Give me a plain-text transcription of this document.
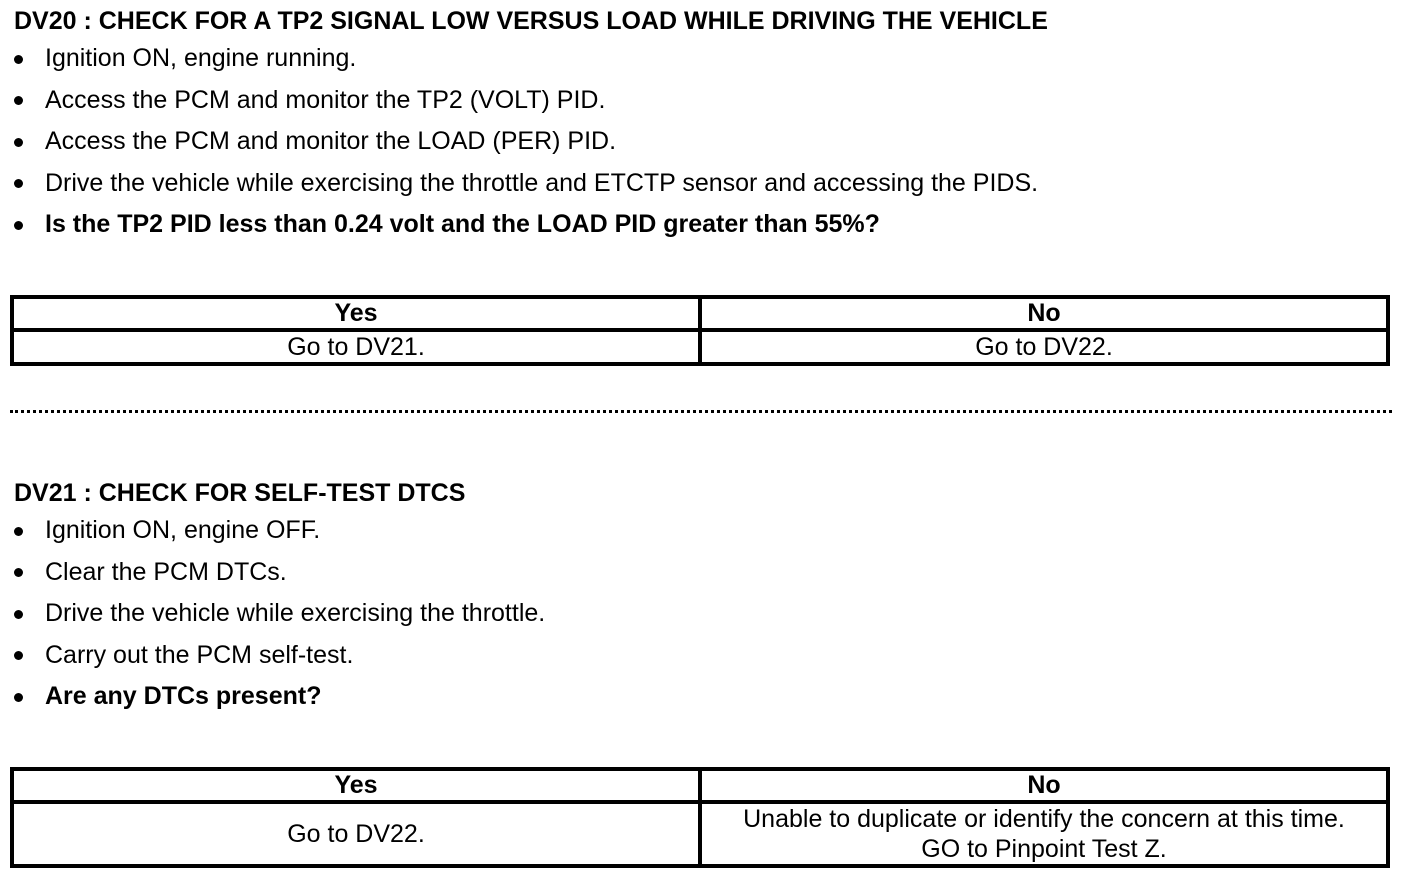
DV20 : CHECK FOR A TP2 SIGNAL LOW VERSUS LOAD WHILE DRIVING THE VEHICLE
Ignition ON, engine running.
Access the PCM and monitor the TP2 (VOLT) PID.
Access the PCM and monitor the LOAD (PER) PID.
Drive the vehicle while exercising the throttle and ETCTP sensor and accessing the PIDS.
Is the TP2 PID less than 0.24 volt and the LOAD PID greater than 55%?
Yes	No
Go to DV21.	Go to DV22.
DV21 : CHECK FOR SELF-TEST DTCS
Ignition ON, engine OFF.
Clear the PCM DTCs.
Drive the vehicle while exercising the throttle.
Carry out the PCM self-test.
Are any DTCs present?
Yes	No
Go to DV22.	Unable to duplicate or identify the concern at this time.
GO to Pinpoint Test Z.
